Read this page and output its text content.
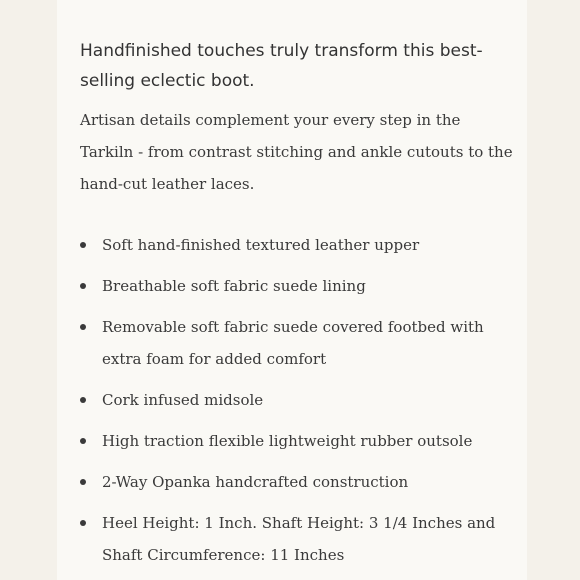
Handfinished touches truly transform this best-selling eclectic boot.

Artisan details complement your every step in the Tarkiln - from contrast stitching and ankle cutouts to the hand-cut leather laces.

Soft hand-finished textured leather upper
Breathable soft fabric suede lining
Removable soft fabric suede covered footbed with extra foam for added comfort
Cork infused midsole
High traction flexible lightweight rubber outsole
2-Way Opanka handcrafted construction
Heel Height: 1 Inch. Shaft Height: 3 1/4 Inches and Shaft Circumference: 11 Inches
